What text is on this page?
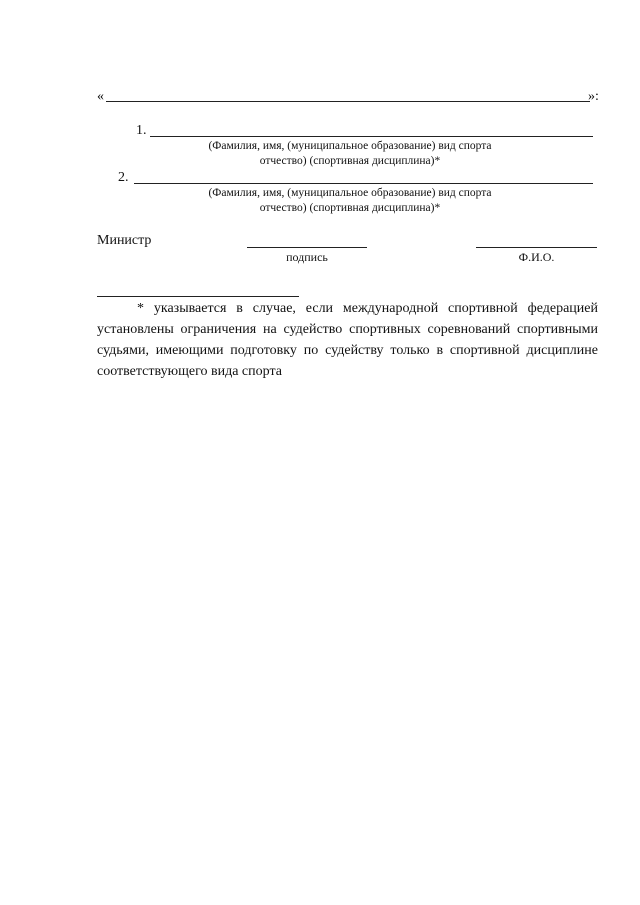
«	»:
1.
(Фамилия, имя, (муниципальное образование) вид спорта
отчество) (спортивная дисциплина)*
2.
(Фамилия, имя, (муниципальное образование) вид спорта
отчество) (спортивная дисциплина)*
Министр
подпись	Ф.И.О.
* указывается в случае, если международной спортивной федерацией установлены ограничения на судейство спортивных соревнований спортивными судьями, имеющими подготовку по судейству только в спортивной дисциплине соответствующего вида спорта
